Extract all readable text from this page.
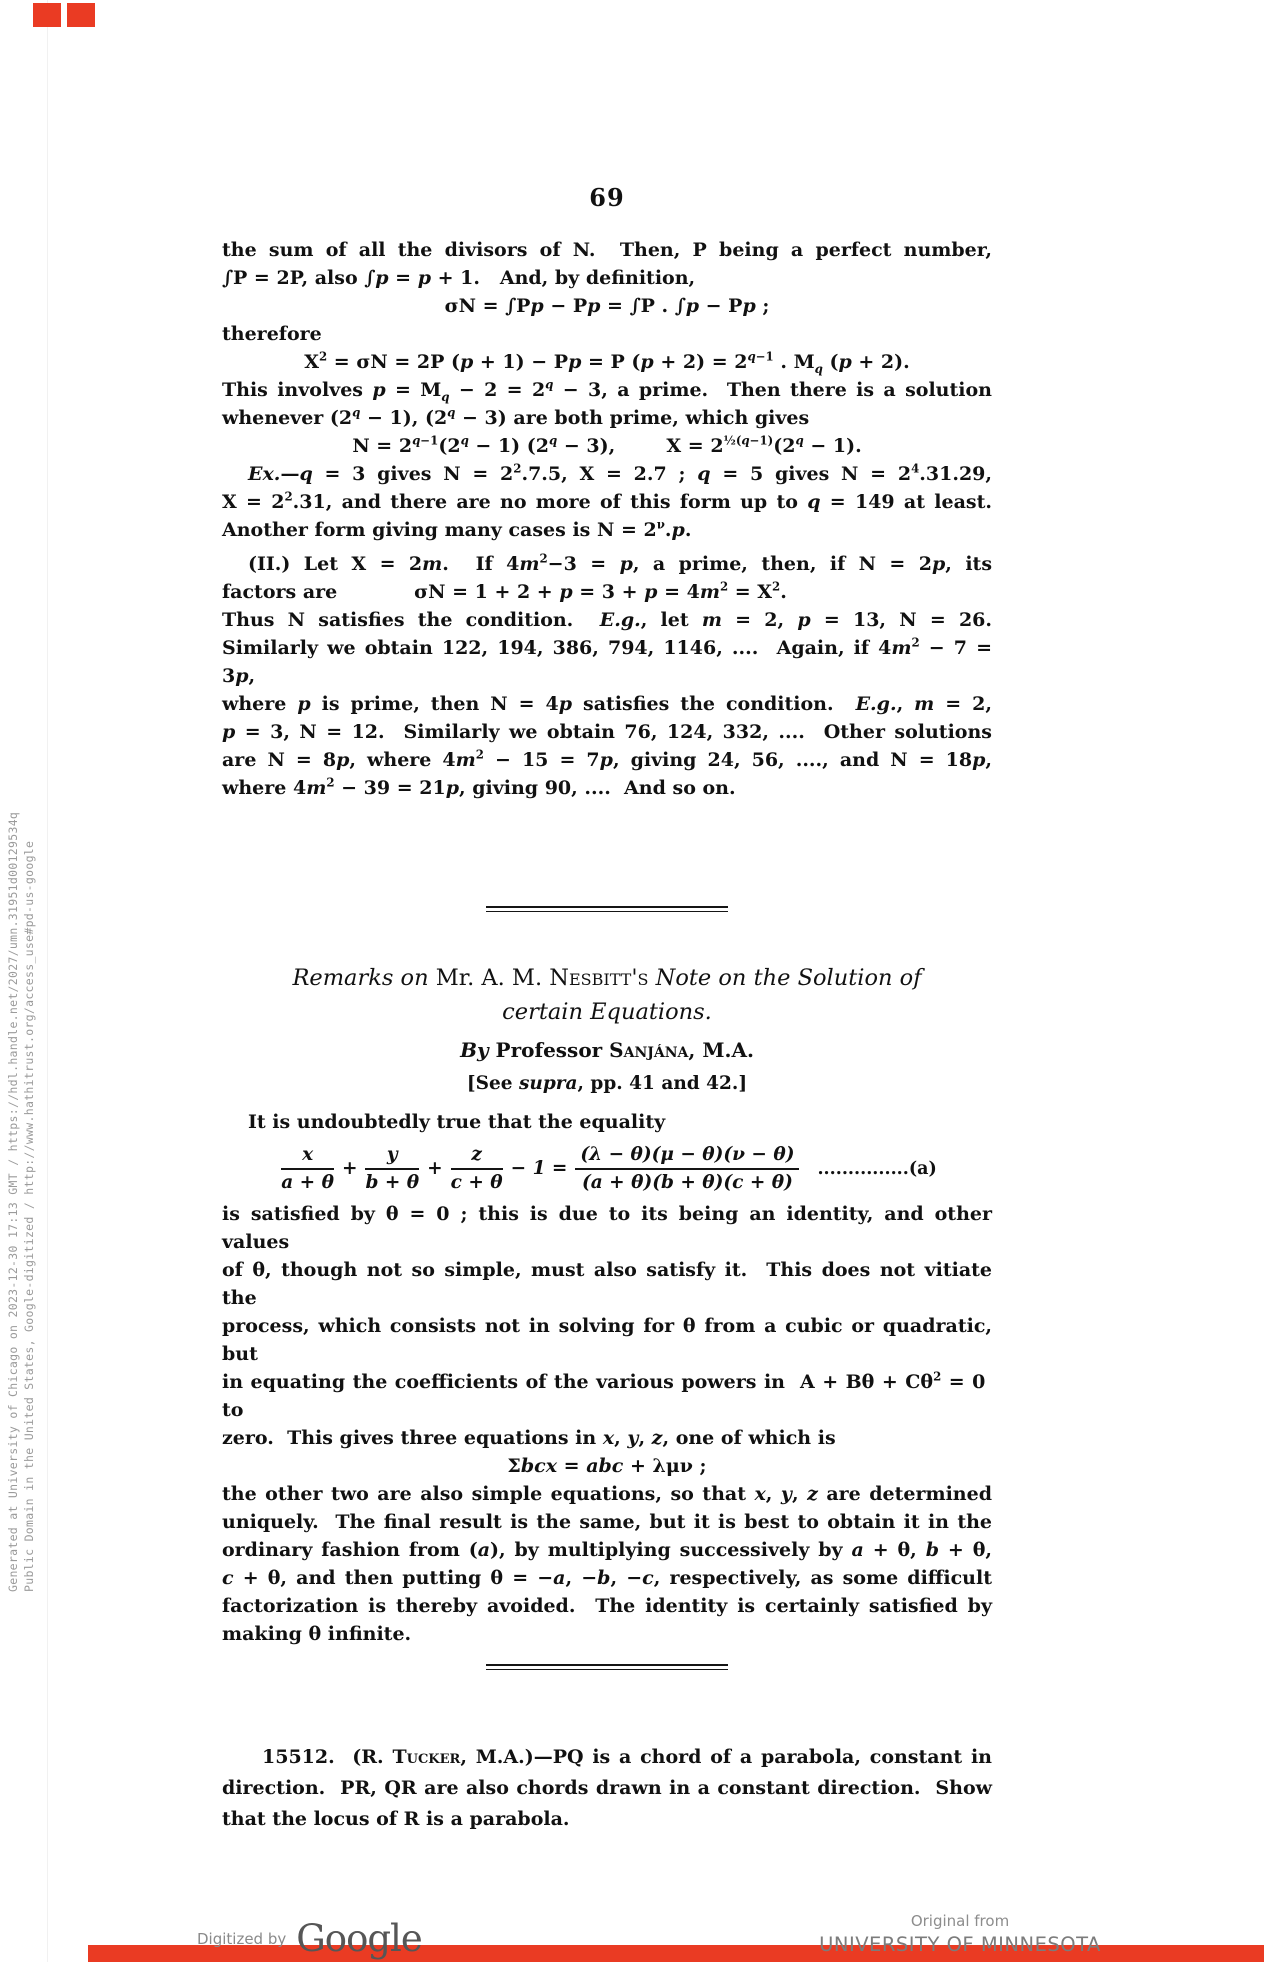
Generated at University of Chicago on 2023-12-30 17:13 GMT / https://hdl.handle.net/2027/umn.31951d00129534q Public Domain in the United States, Google-digitized / http://www.hathitrust.org/access_use#pd-us-google
69
the sum of all the divisors of N.  Then, P being a perfect number,
∫P = 2P, also ∫p = p + 1.   And, by definition,
σN = ∫Pp − Pp = ∫P . ∫p − Pp ;
therefore
$X^2 = \sigma N = 2P$ (p + 1) − Pp = P $(p + 2) = 2^{q-1}$ . $M_q$ (p + 2).
This involves $p = M_q - 2 = 2^q - 3$, a prime.  Then there is a solution
whenever $(2^q - 1)$, $(2^q - 3)$ are both prime, which gives
$N = 2^{q-1}(2^q - 1) (2^q - 3)$,    $X = 2^{\frac{1}{2}(q-1)}(2^q - 1)$.
Ex.—q = 3 gives $N = 2^2.7.5$, X = 2.7 ; q = 5 gives $N = 2^4.31.29$,
$X = 2^2.31$, and there are no more of this form up to q = 149 at least.
Another form giving many cases is $N = 2^\nu.p$.
(II.) Let X = 2m.  If $4m^2-3 = p$, a prime, then, if N = 2p, its
factors are      $\sigma N = 1 + 2 + p = 3 + p = 4m^2 = X^2$.
Thus N satisfies the condition.  E.g., let m = 2, p = 13, N = 26.
Similarly we obtain 122, 194, 386, 794, 1146, ....  Again, if $4m^2 - 7 = 3p$,
where p is prime, then N = 4p satisfies the condition.  E.g., m = 2,
p = 3, N = 12.  Similarly we obtain 76, 124, 332, ....  Other solutions
are N = 8p, where $4m^2 - 15 = 7p$, giving 24, 56, ...., and N = 18p,
where $4m^2 - 39 = 21p$, giving 90, ....  And so on.
Remarks on Mr. A. M. Nesbitt's Note on the Solution of
certain Equations.
By Professor Sanjána, M.A.
[See supra, pp. 41 and 42.]
It is undoubtedly true that the equality
$\frac{x}{a + \theta} + \frac{y}{b + \theta} + \frac{z}{c + \theta} - 1 = \frac{(\lambda - \theta)(\mu - \theta)(\nu - \theta)}{(a + \theta)(b + \theta)(c + \theta)} ...............(a)$
is satisfied by θ = 0 ; this is due to its being an identity, and other values
of θ, though not so simple, must also satisfy it.  This does not vitiate the
process, which consists not in solving for θ from a cubic or quadratic, but
in equating the coefficients of the various powers in  $A + B\theta + C\theta^2 = 0$  to
zero.  This gives three equations in x, y, z, one of which is
Σbcx = abc + λμν ;
the other two are also simple equations, so that x, y, z are determined
uniquely.  The final result is the same, but it is best to obtain it in the
ordinary fashion from (a), by multiplying successively by a + θ, b + θ,
c + θ, and then putting θ = −a, −b, −c, respectively, as some difficult
factorization is thereby avoided.  The identity is certainly satisfied by
making θ infinite.
15512.  (R. Tucker, M.A.)—PQ is a chord of a parabola, constant in
direction.  PR, QR are also chords drawn in a constant direction.  Show
that the locus of R is a parabola.
Digitized by Google	Original from
UNIVERSITY OF MINNESOTA
